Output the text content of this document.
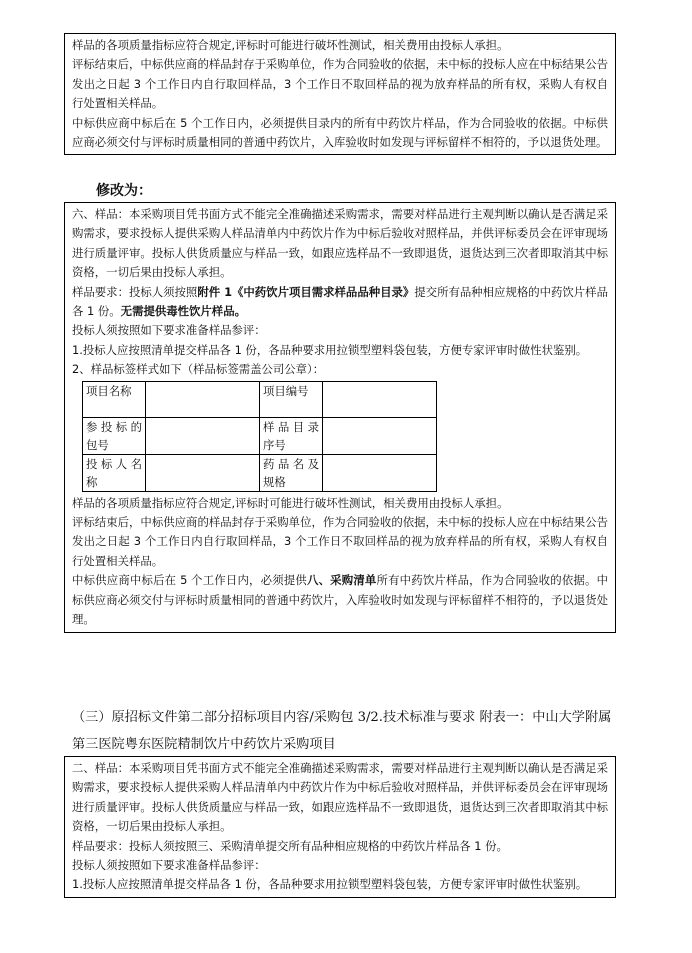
样品的各项质量指标应符合规定,评标时可能进行破坏性测试，相关费用由投标人承担。

评标结束后，中标供应商的样品封存于采购单位，作为合同验收的依据，未中标的投标人应在中标结果公告发出之日起 3 个工作日内自行取回样品，3 个工作日不取回样品的视为放弃样品的所有权，采购人有权自行处置相关样品。

中标供应商中标后在 5 个工作日内，必须提供目录内的所有中药饮片样品，作为合同验收的依据。中标供应商必须交付与评标时质量相同的普通中药饮片，入库验收时如发现与评标留样不相符的，予以退货处理。

修改为：

六、样品：本采购项目凭书面方式不能完全准确描述采购需求，需要对样品进行主观判断以确认是否满足采购需求，要求投标人提供采购人样品清单内中药饮片作为中标后验收对照样品，并供评标委员会在评审现场进行质量评审。投标人供货质量应与样品一致，如跟应选样品不一致即退货，退货达到三次者即取消其中标资格，一切后果由投标人承担。

样品要求：投标人须按照附件 1《中药饮片项目需求样品品种目录》提交所有品种相应规格的中药饮片样品各 1 份。无需提供毒性饮片样品。

投标人须按照如下要求准备样品参评：

1.投标人应按照清单提交样品各 1 份，各品种要求用拉锁型塑料袋包装，方便专家评审时做性状鉴别。

2、样品标签样式如下（样品标签需盖公司公章）：

项目名称		项目编号	
参投标的包号		样品目录序号	
投标人名称		药品名及规格	

样品的各项质量指标应符合规定,评标时可能进行破坏性测试，相关费用由投标人承担。

评标结束后，中标供应商的样品封存于采购单位，作为合同验收的依据，未中标的投标人应在中标结果公告发出之日起 3 个工作日内自行取回样品，3 个工作日不取回样品的视为放弃样品的所有权，采购人有权自行处置相关样品。

中标供应商中标后在 5 个工作日内，必须提供八、采购清单所有中药饮片样品，作为合同验收的依据。中标供应商必须交付与评标时质量相同的普通中药饮片，入库验收时如发现与评标留样不相符的，予以退货处理。

（三）原招标文件第二部分招标项目内容/采购包 3/2.技术标准与要求 附表一：中山大学附属第三医院粤东医院精制饮片中药饮片采购项目

二、样品：本采购项目凭书面方式不能完全准确描述采购需求，需要对样品进行主观判断以确认是否满足采购需求，要求投标人提供采购人样品清单内中药饮片作为中标后验收对照样品，并供评标委员会在评审现场进行质量评审。投标人供货质量应与样品一致，如跟应选样品不一致即退货，退货达到三次者即取消其中标资格，一切后果由投标人承担。

样品要求：投标人须按照三、采购清单提交所有品种相应规格的中药饮片样品各 1 份。

投标人须按照如下要求准备样品参评：

1.投标人应按照清单提交样品各 1 份，各品种要求用拉锁型塑料袋包装，方便专家评审时做性状鉴别。
